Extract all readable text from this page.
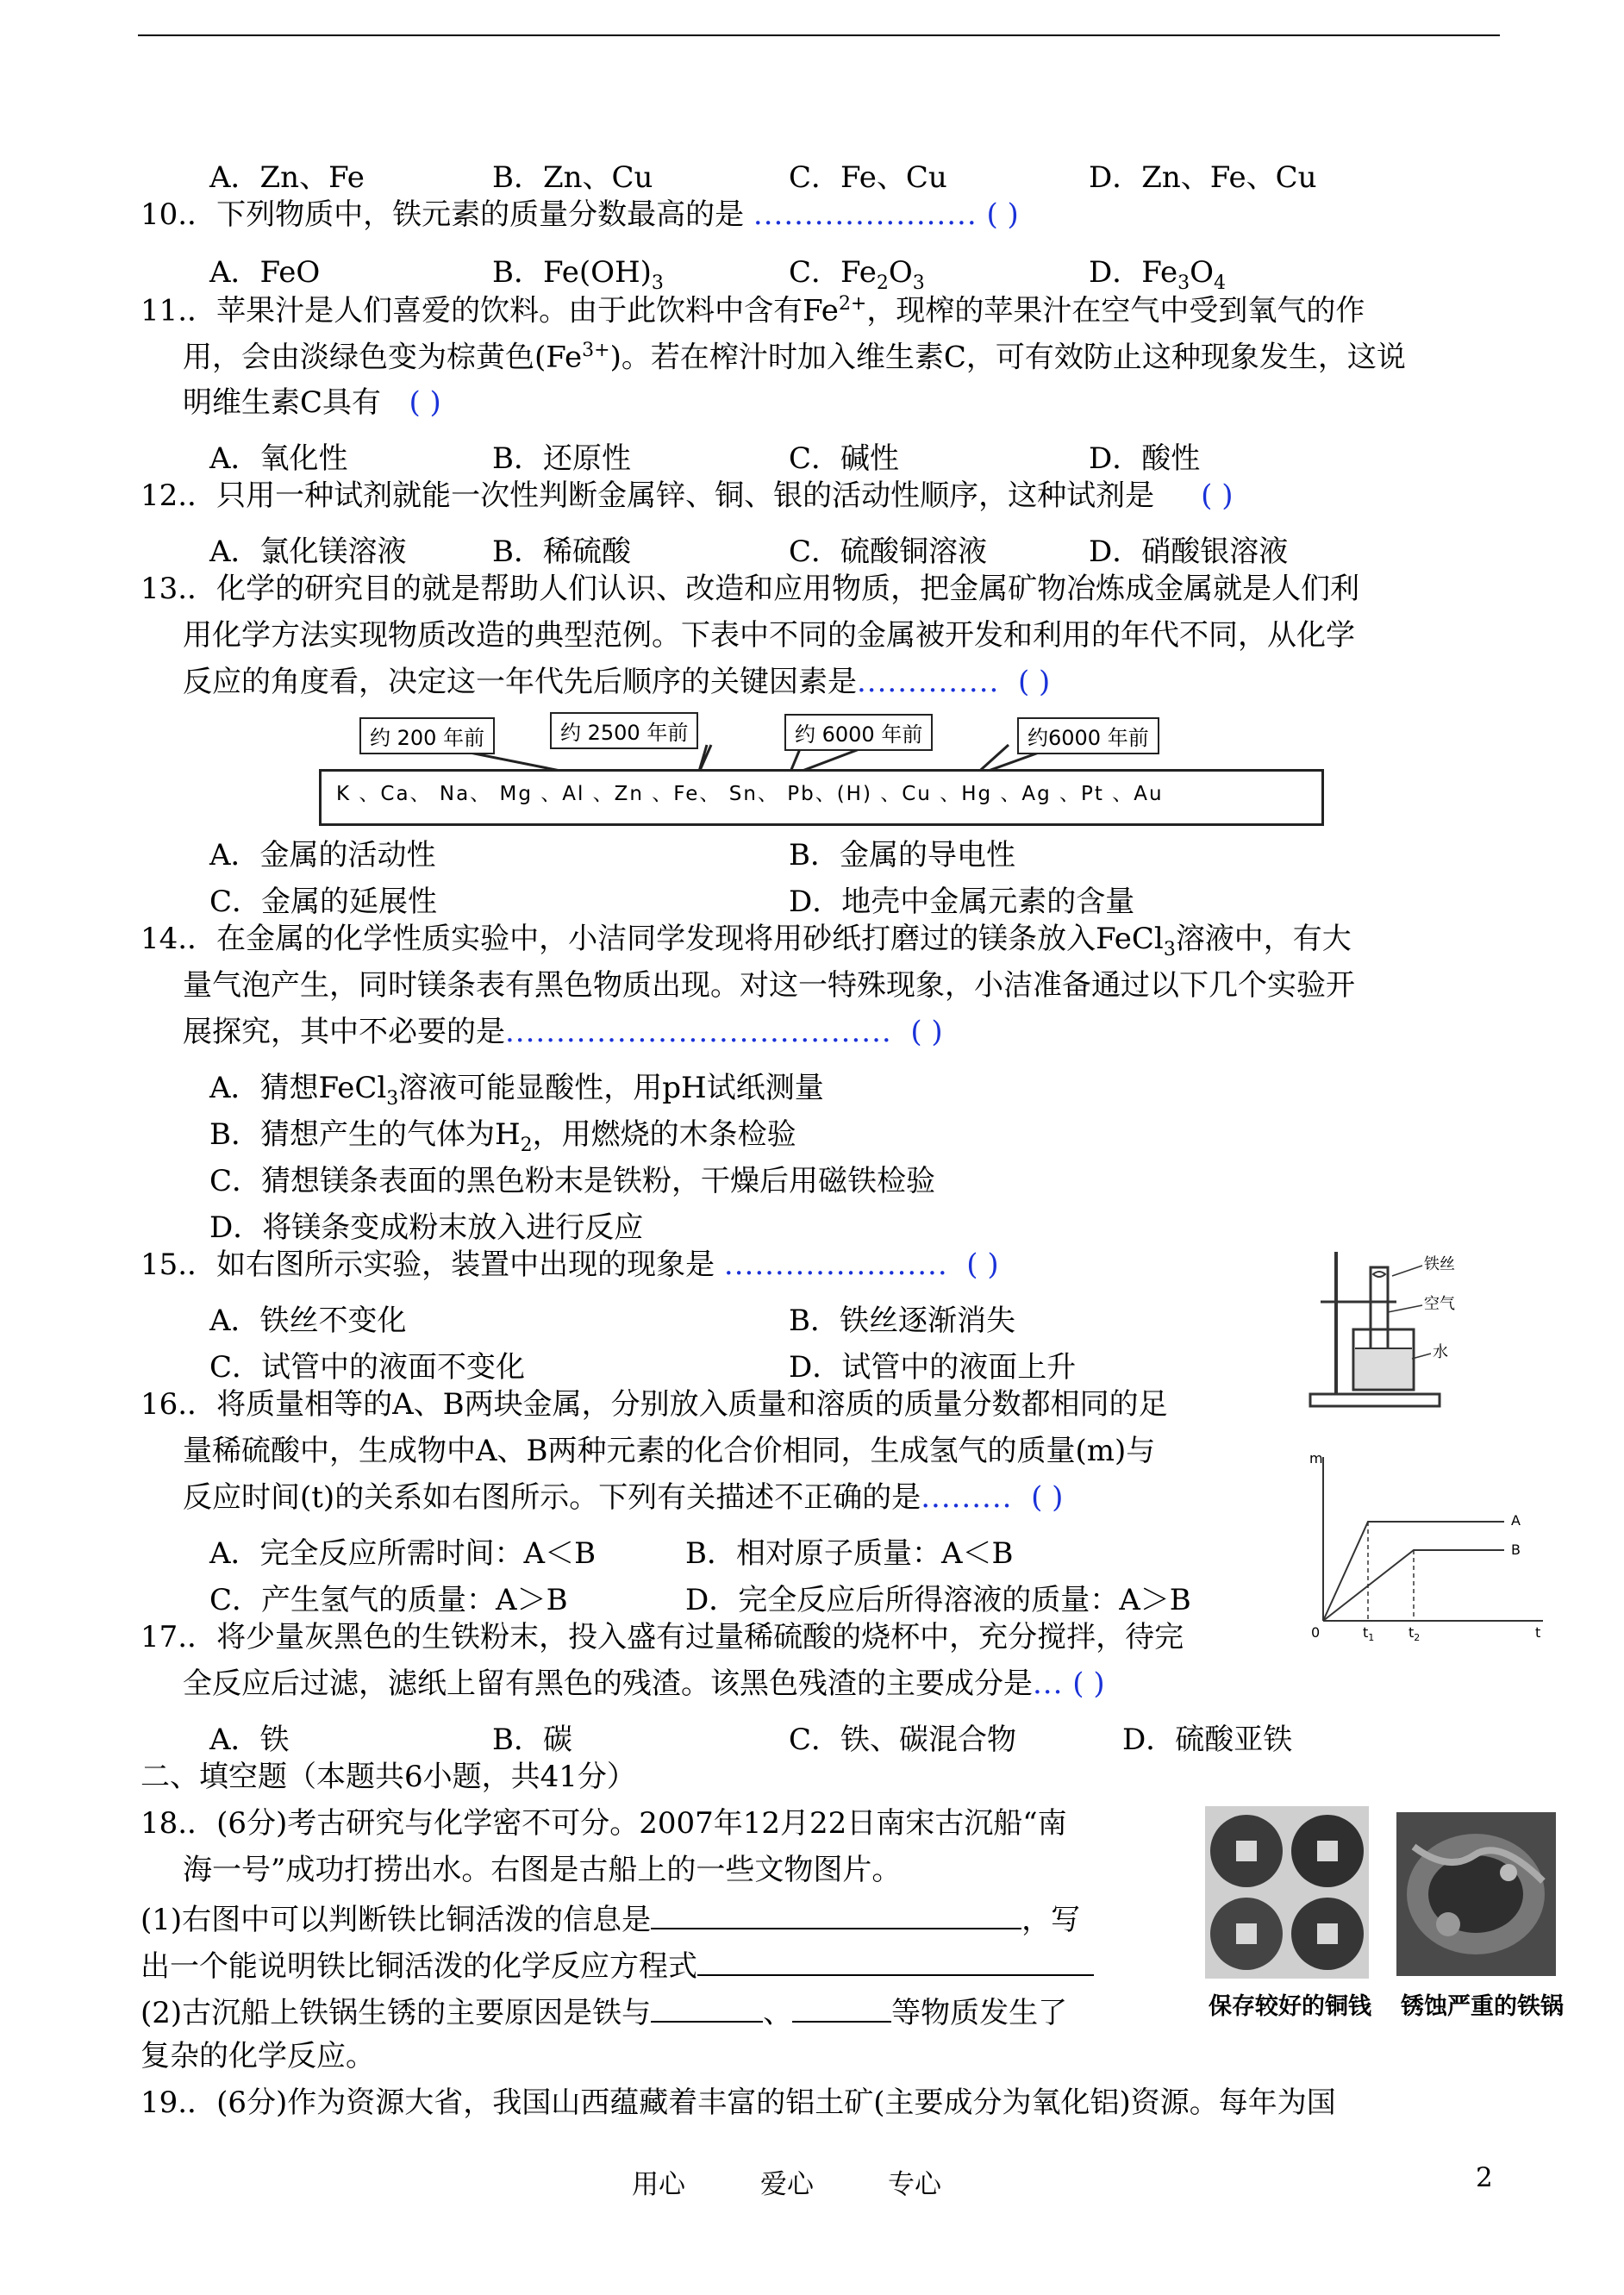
A．Zn、Fe	B．Zn、Cu	C．Fe、Cu	D．Zn、Fe、Cu
10.．下列物质中，铁元素的质量分数最高的是 ...................... ( )
A．FeO	B．$Fe(OH)_3$	C．$Fe_2O_3$	D．$Fe_3O_4$
11.．苹果汁是人们喜爱的饮料。由于此饮料中含有$Fe^{2+}$，现榨的苹果汁在空气中受到氧气的作
用，会由淡绿色变为棕黄色$(Fe^{3+})$。若在榨汁时加入维生素C，可有效防止这种现象发生，这说
明维生素C具有 ( )
A．氧化性	B．还原性	C．碱性	D．酸性
12.．只用一种试剂就能一次性判断金属锌、铜、银的活动性顺序，这种试剂是 ( )
A．氯化镁溶液	B．稀硫酸	C．硫酸铜溶液	D．硝酸银溶液
13.．化学的研究目的就是帮助人们认识、改造和应用物质，把金属矿物冶炼成金属就是人们利
用化学方法实现物质改造的典型范例。下表中不同的金属被开发和利用的年代不同，从化学
反应的角度看，决定这一年代先后顺序的关键因素是.............. ( )
约 200 年前	约 2500 年前	约 6000 年前	约6000 年前
K 、Ca、 Na、 Mg 、Al 、Zn 、Fe、 Sn、 Pb、(H) 、Cu 、Hg 、Ag 、Pt 、Au
A．金属的活动性	B．金属的导电性
C．金属的延展性	D．地壳中金属元素的含量
14.．在金属的化学性质实验中，小洁同学发现将用砂纸打磨过的镁条放入FeCl$_3$溶液中，有大
量气泡产生，同时镁条表有黑色物质出现。对这一特殊现象，小洁准备通过以下几个实验开
展探究，其中不必要的是...................................... ( )
A．猜想FeCl$_3$溶液可能显酸性，用pH试纸测量
B．猜想产生的气体为$H_2$，用燃烧的木条检验
C．猜想镁条表面的黑色粉末是铁粉，干燥后用磁铁检验
D．将镁条变成粉末放入进行反应
15.．如右图所示实验，装置中出现的现象是 ...................... ( )
A．铁丝不变化	B．铁丝逐渐消失
C．试管中的液面不变化	D．试管中的液面上升
铁丝
空气
水
16.．将质量相等的A、B两块金属，分别放入质量和溶质的质量分数都相同的足
量稀硫酸中，生成物中A、B两种元素的化合价相同，生成氢气的质量(m)与
反应时间(t)的关系如右图所示。下列有关描述不正确的是......... ( )
A．完全反应所需时间：A＜B	B．相对原子质量：A＜B
C．产生氢气的质量：A＞B	D．完全反应后所得溶液的质量：A＞B
m
0	$t_1$ $t_2$	t
A
B
17.．将少量灰黑色的生铁粉末，投入盛有过量稀硫酸的烧杯中，充分搅拌，待完
全反应后过滤，滤纸上留有黑色的残渣。该黑色残渣的主要成分是... ( )
A．铁	B．碳	C．铁、碳混合物	D．硫酸亚铁
二、填空题（本题共6小题，共41分）
18.．(6分)考古研究与化学密不可分。2007年12月22日南宋古沉船“南
海一号”成功打捞出水。右图是古船上的一些文物图片。
(1)右图中可以判断铁比铜活泼的信息是	，写
出一个能说明铁比铜活泼的化学反应方程式
(2)古沉船上铁锅生锈的主要原因是铁与	、	等物质发生了
复杂的化学反应。
保存较好的铜钱 锈蚀严重的铁锅
19.．(6分)作为资源大省，我国山西蕴藏着丰富的铝土矿(主要成分为氧化铝)资源。每年为国
用心	爱心	专心	2
